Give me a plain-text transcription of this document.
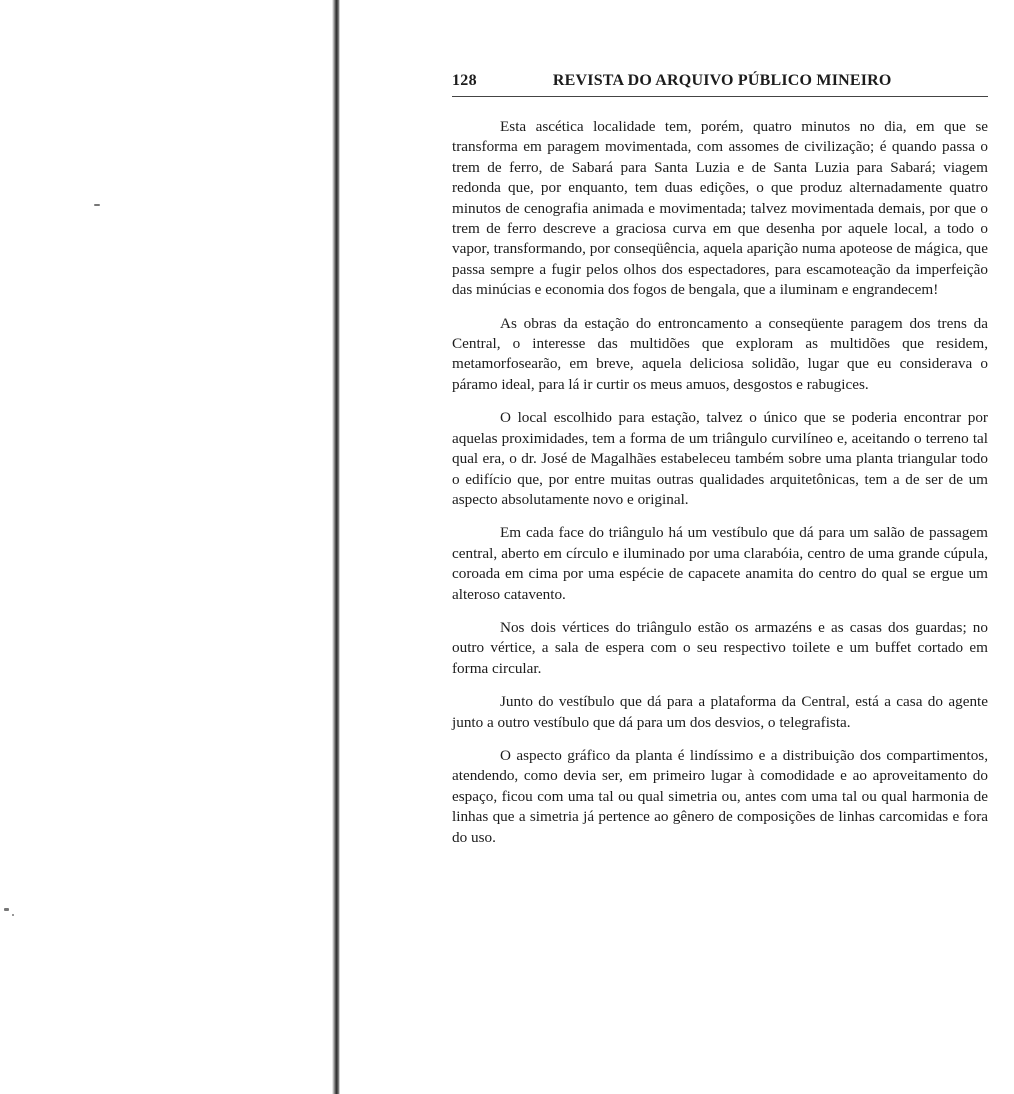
128	REVISTA DO ARQUIVO PÚBLICO MINEIRO

Esta ascética localidade tem, porém, quatro minutos no dia, em que se transforma em paragem movimentada, com assomes de civilização; é quando passa o trem de ferro, de Sabará para Santa Luzia e de Santa Luzia para Sabará; viagem redonda que, por enquanto, tem duas edições, o que produz alternadamente quatro minutos de cenografia animada e movimentada; talvez movimentada demais, por que o trem de ferro descreve a graciosa curva em que desenha por aquele local, a todo o vapor, transformando, por conseqüência, aquela aparição numa apoteose de mágica, que passa sempre a fugir pelos olhos dos espectadores, para escamoteação da imperfeição das minúcias e economia dos fogos de bengala, que a iluminam e engrandecem!

As obras da estação do entroncamento a conseqüente paragem dos trens da Central, o interesse das multidões que exploram as multidões que residem, metamorfosearão, em breve, aquela deliciosa solidão, lugar que eu considerava o páramo ideal, para lá ir curtir os meus amuos, desgostos e rabugices.

O local escolhido para estação, talvez o único que se poderia encontrar por aquelas proximidades, tem a forma de um triângulo curvilíneo e, aceitando o terreno tal qual era, o dr. José de Magalhães estabeleceu também sobre uma planta triangular todo o edifício que, por entre muitas outras qualidades arquitetônicas, tem a de ser de um aspecto absolutamente novo e original.

Em cada face do triângulo há um vestíbulo que dá para um salão de passagem central, aberto em círculo e iluminado por uma clarabóia, centro de uma grande cúpula, coroada em cima por uma espécie de capacete anamita do centro do qual se ergue um alteroso catavento.

Nos dois vértices do triângulo estão os armazéns e as casas dos guardas; no outro vértice, a sala de espera com o seu respectivo toilete e um buffet cortado em forma circular.

Junto do vestíbulo que dá para a plataforma da Central, está a casa do agente junto a outro vestíbulo que dá para um dos desvios, o telegrafista.

O aspecto gráfico da planta é lindíssimo e a distribuição dos compartimentos, atendendo, como devia ser, em primeiro lugar à comodidade e ao aproveitamento do espaço, ficou com uma tal ou qual simetria ou, antes com uma tal ou qual harmonia de linhas que a simetria já pertence ao gênero de composições de linhas carcomidas e fora do uso.
